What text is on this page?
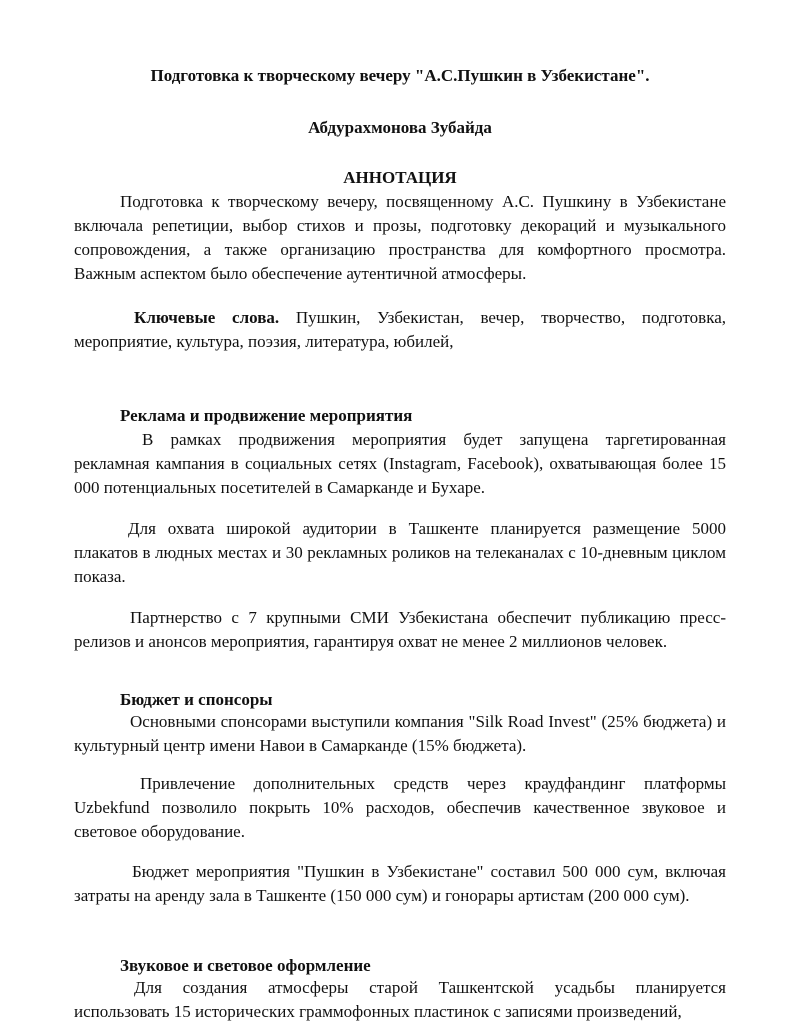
Подготовка к творческому вечеру "А.С.Пушкин в Узбекистане".

Абдурахмонова Зубайда

АННОТАЦИЯ

Подготовка к творческому вечеру, посвященному А.С. Пушкину в Узбекистане включала репетиции, выбор стихов и прозы, подготовку декораций и музыкального сопровождения, а также организацию пространства для комфортного просмотра. Важным аспектом было обеспечение аутентичной атмосферы.

Ключевые слова. Пушкин, Узбекистан, вечер, творчество, подготовка, мероприятие, культура, поэзия, литература, юбилей,

Реклама и продвижение мероприятия

В рамках продвижения мероприятия будет запущена таргетированная рекламная кампания в социальных сетях (Instagram, Facebook), охватывающая более 15 000 потенциальных посетителей в Самарканде и Бухаре.

Для охвата широкой аудитории в Ташкенте планируется размещение 5000 плакатов в людных местах и 30 рекламных роликов на телеканалах с 10-дневным циклом показа.

Партнерство с 7 крупными СМИ Узбекистана обеспечит публикацию пресс-релизов и анонсов мероприятия, гарантируя охват не менее 2 миллионов человек.

Бюджет и спонсоры

Основными спонсорами выступили компания "Silk Road Invest" (25% бюджета) и культурный центр имени Навои в Самарканде (15% бюджета).

Привлечение дополнительных средств через краудфандинг платформы Uzbekfund позволило покрыть 10% расходов, обеспечив качественное звуковое и световое оборудование.

Бюджет мероприятия "Пушкин в Узбекистане" составил 500 000 сум, включая затраты на аренду зала в Ташкенте (150 000 сум) и гонорары артистам (200 000 сум).

Звуковое и световое оформление

Для создания атмосферы старой Ташкентской усадьбы планируется использовать 15 исторических граммофонных пластинок с записями произведений,
